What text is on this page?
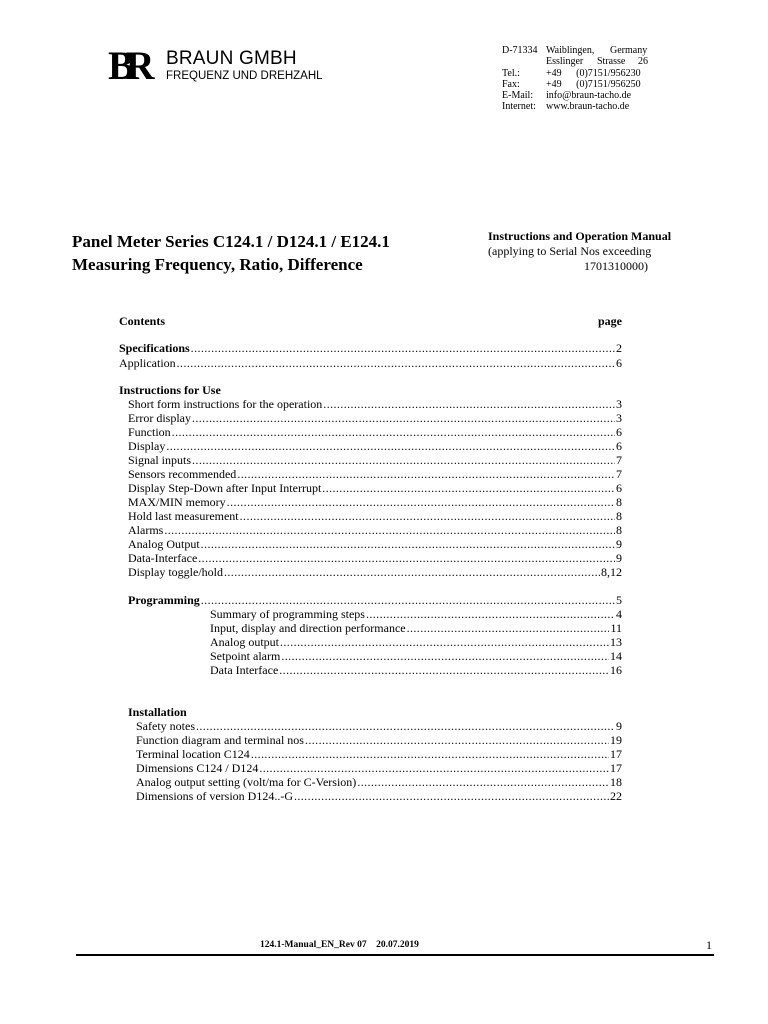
BR	BRAUN GMBH
FREQUENZ UND DREHZAHL
D-71334 Waiblingen, Germany
Esslinger Strasse 26
Tel.:	+49 (0)7151/956230
Fax:	+49 (0)7151/956250
E-Mail: info@braun-tacho.de
Internet: www.braun-tacho.de
Panel Meter Series C124.1 / D124.1 / E124.1
Measuring Frequency, Ratio, Difference
Instructions and Operation Manual
(applying to Serial Nos exceeding
1701310000)
Contents	page
Specifications .....	2
Application .....	6
Instructions for Use
Short form instructions for the operation .....	3
Error display .....	3
Function .....	6
Display .....	6
Signal inputs .....	7
Sensors recommended .....	7
Display Step-Down after Input Interrupt .....	6
MAX/MIN memory .....	8
Hold last measurement .....	8
Alarms .....	8
Analog Output .....	9
Data-Interface .....	9
Display toggle/hold .....	8,12
Programming .....	5
Summary of programming steps .....	4
Input, display and direction performance .....	11
Analog output .....	13
Setpoint alarm .....	14
Data Interface .....	16
Installation
Safety notes .....	9
Function diagram and terminal nos .....	19
Terminal location C124 .....	17
Dimensions C124 / D124 .....	17
Analog output setting (volt/ma for C-Version) .....	18
Dimensions of version D124..-G .....	22
124.1-Manual_EN_Rev 07    20.07.2019	1
